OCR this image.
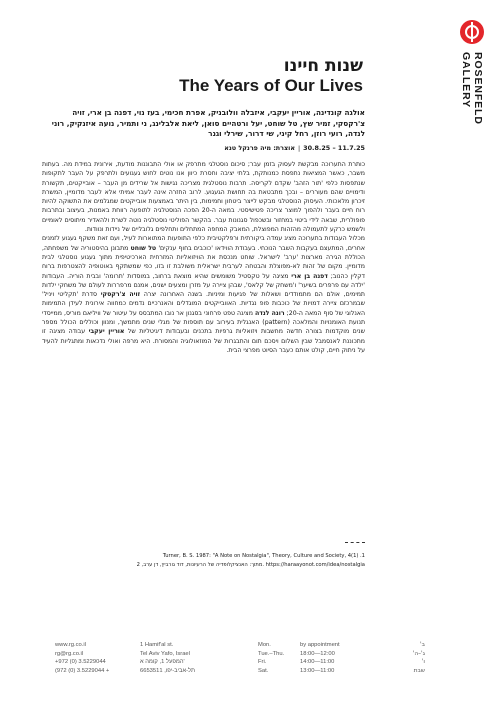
ROSENFELD GALLERY
שנות חיינו
The Years of Our Lives
אולגה קונדינה, אוריין יעקבי, איזבלה וולובניק, אפרת חכימי, בעז נוי, דפנה בן ארי, זויה צ'רקסקי, זמיר שץ, טל שוחט, יעל ורטהיים סואן, ליאת אלבלינג, ני ותמיר, נועה איזנקיק, רוני לנדה, רועי רוזן, רחל קיני, שי דרור, שירלי וגנר
11.7.25 – 30.8.25|אוצרת: מיה פרנקל טנא

כותרת התערוכה מבקשת לעסוק בזמן עבר; סיכום נוסטלגי מתרפק או אולי התבוננות מודעת, אירונית במידת מה. בעתות משבר, כאשר המציאות נתפסת כמנותקת, בלתי יציבה וחסרת כיוון אנו נוטים לחוש געגועים ולתרפק על העבר לתקופות שנתפסות כלפי 'תור הזהב' שקדם לקריסה. תרבות נוסטלגית מצריכה נגישות אל שרידים מן העבר – אובייקטים, תקשורת ודימויים שהם מעוררים – ובכך מתבטאת בה תחושת הגעגוע. לרוב החזרה אינה לעבר אמיתי אלא לעבר מדומיין, המשרת זיכרון מלאכותי. העיסוק הנוסטלגי מבקש לייצר ביטחון וחמימות, בין היתר באמצעות אובייקטים שמגלמים את התשוקה להיות רוח חיים בעבר ולהפוך למוצר צריכה פטישיסטי. במאה ה-20 הפכה הנוסטלגיה לתופעה רווחת באמנות, בעיצוב ובתרבות פופולרית, שבאה לידי ביטוי במחזור ובשכפול סגנונות עבר. בהקשר הפוליטי נוסטלגיה נוטה לשרת ולהאדיר מיתוסים לאומיים ולשמש כרקע לתעמולה מהזהות המפוצלת, המאבק המחפה המתחלים ותחלפים גלובליים של ניידות ונוודות.

מכלול העבודות בתערוכה מציג עמדה ביקורתית ורפלקטיבית כלפי התופעות המתוארות לעיל, ועם זאת משקף געגוע לזמנים אחרים, המתעצם בעקבות השבר הנוכחי. בעבודת הווידאו 'כוכבים בחוף ענקים' טל שוחט מתבונן בהיסטוריה של משפחתה, הכוללת הגירה מארצות 'ערב' לישראל. שוחט מנכסת את הוויזואליות המזרחית הארכיטיפית מתוך געגוע נוסטלגי לבית מדומיין. מקום של זהות לא-מפוצלת והבטחה לערבית ישראלית משולבת זו בזו, כפי שמשתקף באוטופיה להצטרפות ברוח דקלין כהנוב; דפנה בן ארי מציגה על טקסטיל משומשים שהיא מוצאת ברחוב, במוסדות 'תרומה' ובבית הוריה. העבודות 'ילדה עם פרפרים בשיער' ו'משחק של קלאס', שבהן ציירה על מזרן ומצעים ישנים, אמנם מרפררות לעולם של משחקי ילדות תמימים, אולם הם מתמודדים ושאלות של פגיעות ומיניות. בשנה האחרונה יצרה זויה צ'רקסקי סדרת 'תקליטי ויניל' שבמרכזם ציירה דמויות של כוכבות פופ נגדיות. האוובייקטים המוגדלים והאנרכיים נדמים כמחווה אירונית לעידן התמימות האנלוגי של סוף המאה ה-20; רונה לנדה מציגה טפט פרחוני בסגנון אר נובו המתבסס על עיטור של וויליאם מוריס, ממייסדי תנועת האומנויות והמלאכה (pattern) האנגלית בעירוב עם תוספות של מגלי שנים מתמשך, ומנוון וכוללים הכולל מספר שנים מוקדמות בצורה חדשה מחשבות ויזואליות גרפיות בתכנים ובעבודות דיגיטליות של אוריין יעקבי עבודה מציגה זו מתכוננת לאנסמבל שבין השלום ויסכם תום והתבגרות של המוזאולוגיה והמסורת. היא מרפה ואולי נדכאות ומתגליות להעיד על ניתוק חיים, קולט אותם כעבר הסיוט מפרצי הבית.

Turner, B. S. 1987: "A Note on Nostalgia", Theory, Culture and Society, 4(1) .1
https://haraayonot.com/idea/nostalgia .מתוך: האנציקלופדיה של הרעיונות, דוד גורביץ, דן ערב, 2
www.rg.co.il
rg@rg.co.il
+972 (0) 3.5229044
(972 (0) 3.5229044 +
1 Hamif'al st.
Tel Aviv Yafo, Israel
המפעל 1, קומה א'
תל-אביב-יפו, 6653511
Mon.
Tue.–Thu.
Fri.
Sat.
by appointment
18:00—12:00
14:00—11:00
13:00—11:00
ב'
ג'–ה'
ו'
שבת
